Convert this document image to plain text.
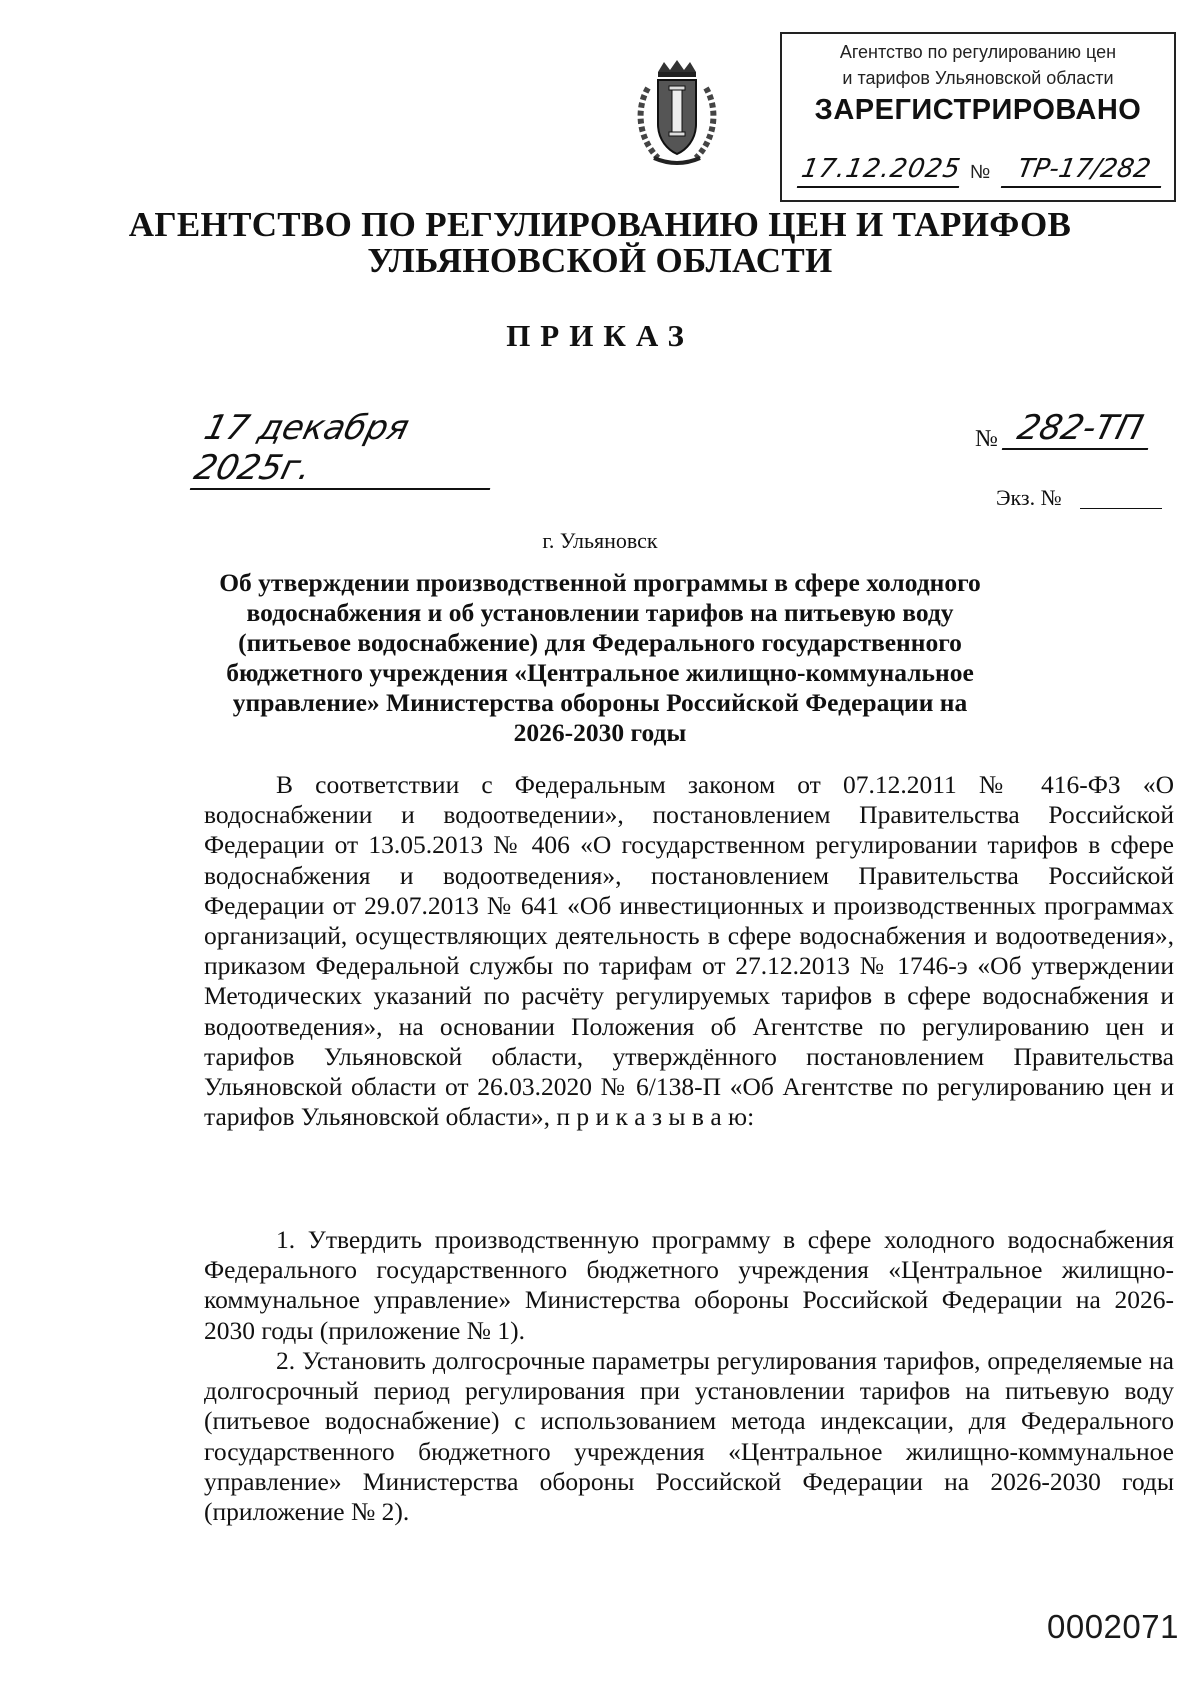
Агентство по регулированию цен
и тарифов Ульяновской области
ЗАРЕГИСТРИРОВАНО
17.12.2025 № ТР-17/282
АГЕНТСТВО ПО РЕГУЛИРОВАНИЮ ЦЕН И ТАРИФОВ
УЛЬЯНОВСКОЙ ОБЛАСТИ
ПРИКАЗ
17 декабря 2025г.
№ 282-ТП
Экз. №
г. Ульяновск
Об утверждении производственной программы в сфере холодного водоснабжения и об установлении тарифов на питьевую воду (питьевое водоснабжение) для Федерального государственного бюджетного учреждения «Центральное жилищно-коммунальное управление» Министерства обороны Российской Федерации на 2026-2030 годы
В соответствии с Федеральным законом от 07.12.2011 № 416-ФЗ «О водоснабжении и водоотведении», постановлением Правительства Российской Федерации от 13.05.2013 № 406 «О государственном регулировании тарифов в сфере водоснабжения и водоотведения», постановлением Правительства Российской Федерации от 29.07.2013 № 641 «Об инвестиционных и производственных программах организаций, осуществляющих деятельность в сфере водоснабжения и водоотведения», приказом Федеральной службы по тарифам от 27.12.2013 № 1746-э «Об утверждении Методических указаний по расчёту регулируемых тарифов в сфере водоснабжения и водоотведения», на основании Положения об Агентстве по регулированию цен и тарифов Ульяновской области, утверждённого постановлением Правительства Ульяновской области от 26.03.2020 № 6/138-П «Об Агентстве по регулированию цен и тарифов Ульяновской области», п р и к а з ы в а ю:
1. Утвердить производственную программу в сфере холодного водоснабжения Федерального государственного бюджетного учреждения «Центральное жилищно-коммунальное управление» Министерства обороны Российской Федерации на 2026-2030 годы (приложение № 1).
2. Установить долгосрочные параметры регулирования тарифов, определяемые на долгосрочный период регулирования при установлении тарифов на питьевую воду (питьевое водоснабжение) с использованием метода индексации, для Федерального государственного бюджетного учреждения «Центральное жилищно-коммунальное управление» Министерства обороны Российской Федерации на 2026-2030 годы (приложение № 2).
0002071
